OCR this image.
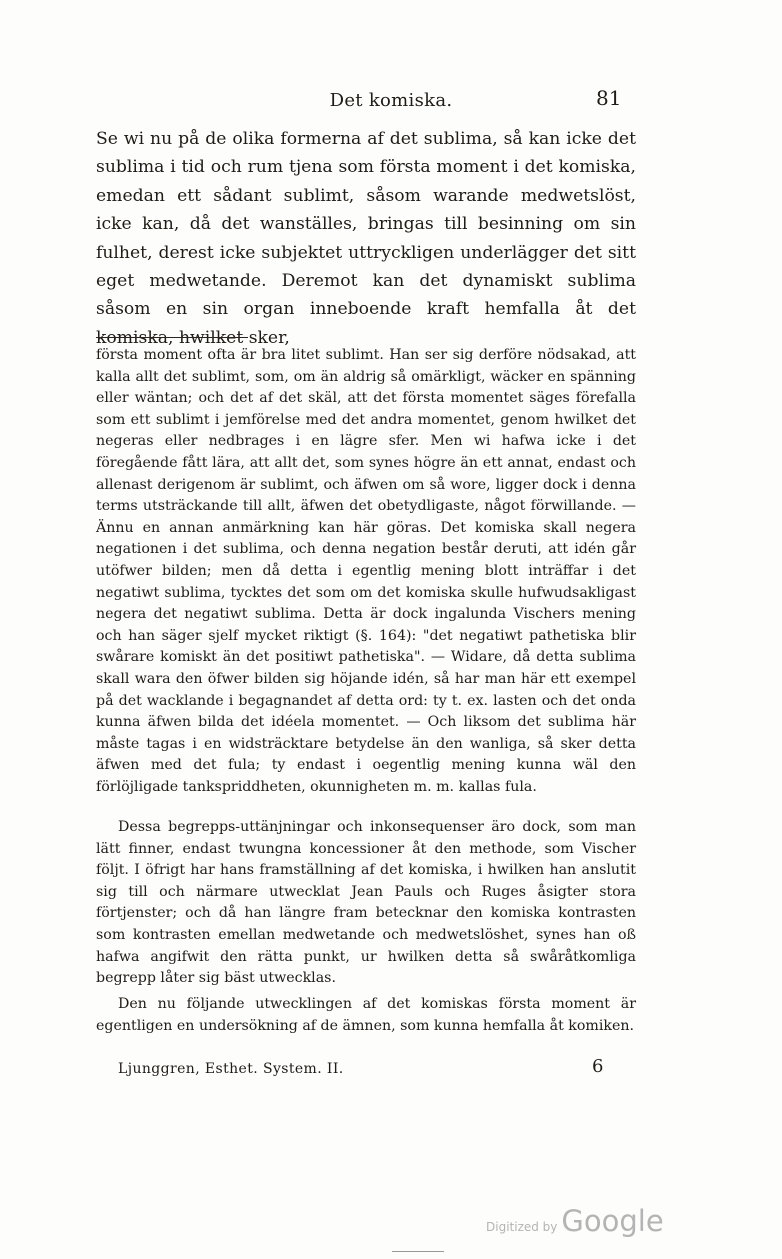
Det komiska.	81

Se wi nu på de olika formerna af det sublima, så kan icke det sublima i tid och rum tjena som första moment i det komiska, emedan ett sådant sublimt, såsom warande medwetslöst, icke kan, då det wanställes, bringas till besinning om sin fulhet, derest icke subjektet uttryckligen underlägger det sitt eget medwetande. Deremot kan det dynamiskt sublima såsom en sin organ inneboende kraft hemfalla åt det komiska, hwilket sker,

första moment ofta är bra litet sublimt. Han ser sig derföre nödsakad, att kalla allt det sublimt, som, om än aldrig så omärkligt, wäcker en spänning eller wäntan; och det af det skäl, att det första momentet säges förefalla som ett sublimt i jemförelse med det andra momentet, genom hwilket det negeras eller nedbrages i en lägre sfer. Men wi hafwa icke i det föregående fått lära, att allt det, som synes högre än ett annat, endast och allenast derigenom är sublimt, och äfwen om så wore, ligger dock i denna terms utsträckande till allt, äfwen det obetydligaste, något förwillande. — Ännu en annan anmärkning kan här göras. Det komiska skall negera negationen i det sublima, och denna negation består deruti, att idén går utöfwer bilden; men då detta i egentlig mening blott inträffar i det negatiwt sublima, tycktes det som om det komiska skulle hufwudsakligast negera det negatiwt sublima. Detta är dock ingalunda Vischers mening och han säger sjelf mycket riktigt (§. 164): "det negatiwt pathetiska blir swårare komiskt än det positiwt pathetiska". — Widare, då detta sublima skall wara den öfwer bilden sig höjande idén, så har man här ett exempel på det wacklande i begagnandet af detta ord: ty t. ex. lasten och det onda kunna äfwen bilda det idéela momentet. — Och liksom det sublima här måste tagas i en widsträcktare betydelse än den wanliga, så sker detta äfwen med det fula; ty endast i oegentlig mening kunna wäl den förlöjligade tankspriddheten, okunnigheten m. m. kallas fula.

Dessa begrepps-uttänjningar och inkonsequenser äro dock, som man lätt finner, endast twungna koncessioner åt den methode, som Vischer följt. I öfrigt har hans framställning af det komiska, i hwilken han anslutit sig till och närmare utwecklat Jean Pauls och Ruges åsigter stora förtjenster; och då han längre fram betecknar den komiska kontrasten som kontrasten emellan medwetande och medwetslöshet, synes han oß hafwa angifwit den rätta punkt, ur hwilken detta så swåråtkomliga begrepp låter sig bäst utwecklas.

Den nu följande utwecklingen af det komiskas första moment är egentligen en undersökning af de ämnen, som kunna hemfalla åt komiken.

Ljunggren, Esthet. System. II.	6
Digitized by Google
